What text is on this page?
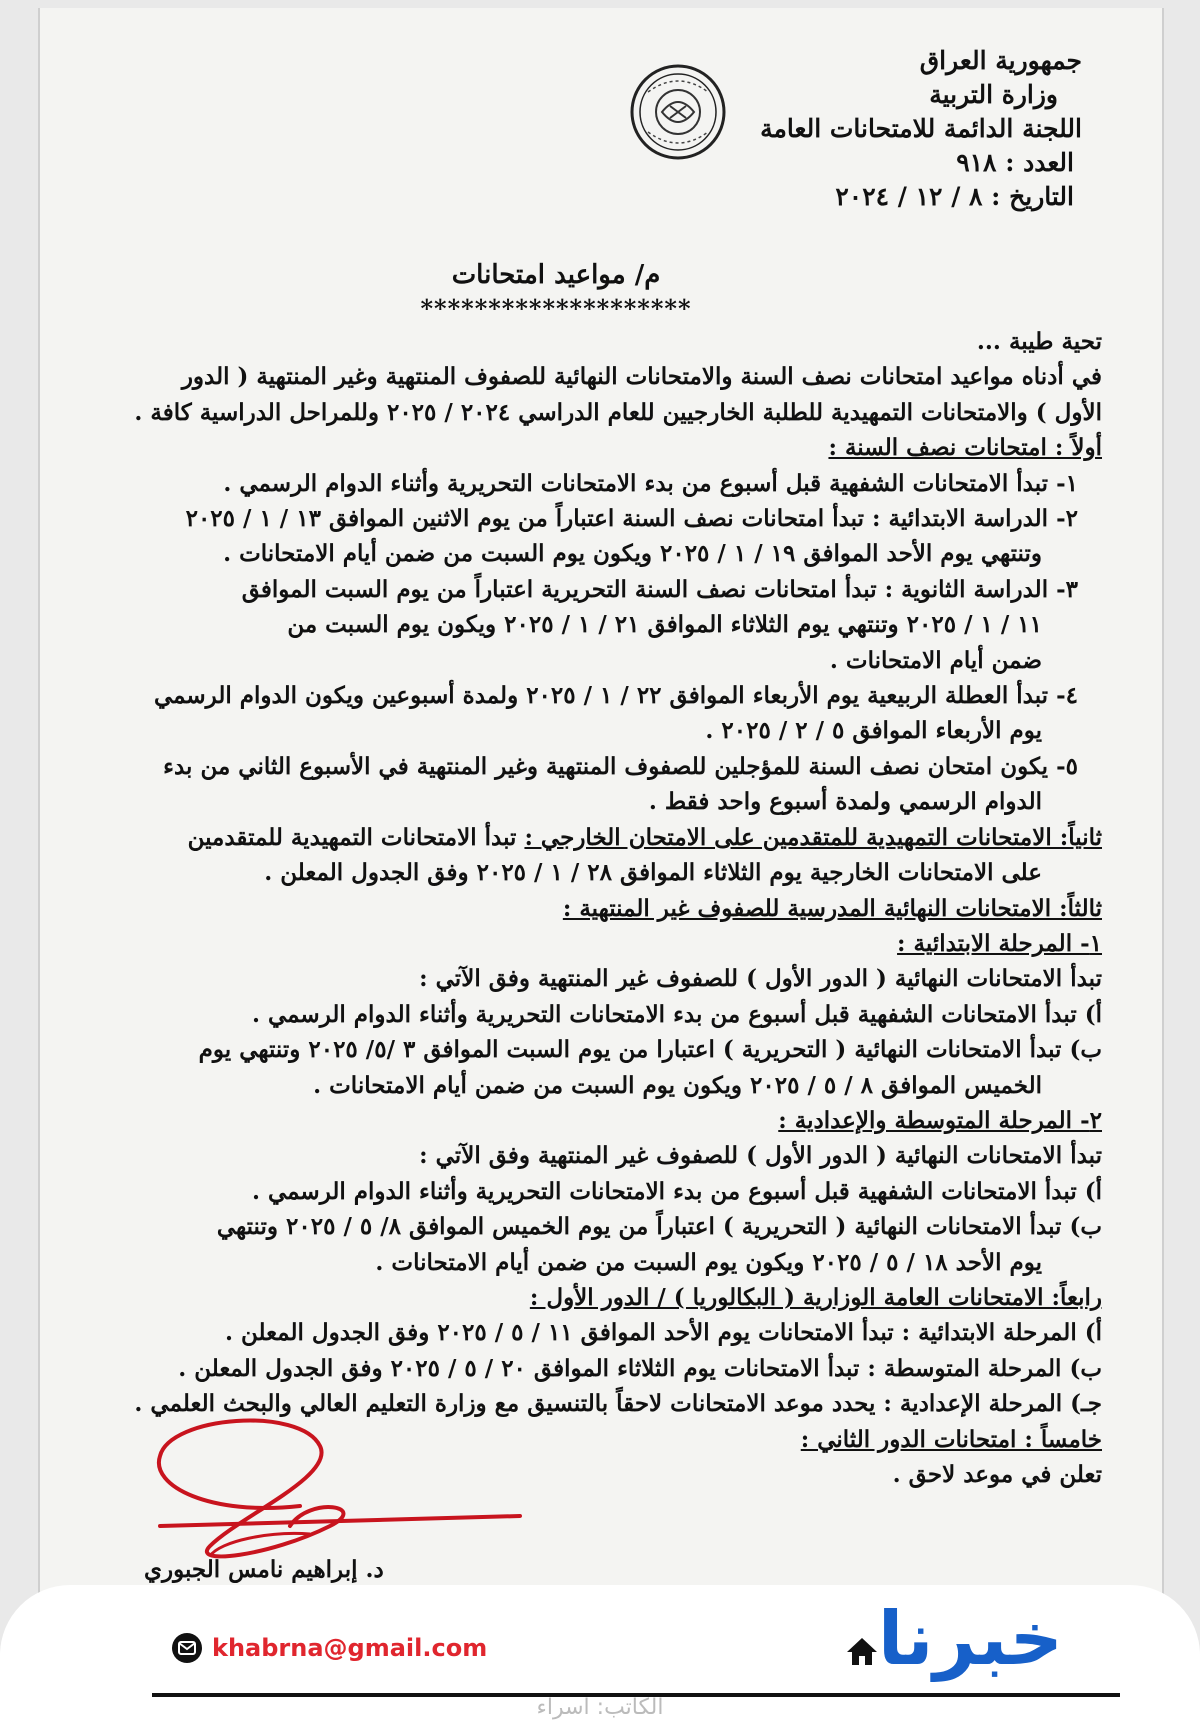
جمهورية العراق
وزارة التربية
اللجنة الدائمة للامتحانات العامة
العدد : ٩١٨
التاريخ : ٨ / ١٢ / ٢٠٢٤
م/ مواعيد امتحانات
********************

تحية طيبة ...

في أدناه مواعيد امتحانات نصف السنة والامتحانات النهائية للصفوف المنتهية وغير المنتهية ( الدور

الأول ) والامتحانات التمهيدية للطلبة الخارجيين للعام الدراسي ٢٠٢٤ / ٢٠٢٥ وللمراحل الدراسية كافة .

أولاً : امتحانات نصف السنة :

١- تبدأ الامتحانات الشفهية قبل أسبوع من بدء الامتحانات التحريرية وأثناء الدوام الرسمي .

٢- الدراسة الابتدائية : تبدأ امتحانات نصف السنة اعتباراً من يوم الاثنين الموافق ١٣ / ١ / ٢٠٢٥

وتنتهي يوم الأحد الموافق ١٩ / ١ / ٢٠٢٥ ويكون يوم السبت من ضمن أيام الامتحانات .

٣- الدراسة الثانوية : تبدأ امتحانات نصف السنة التحريرية اعتباراً من يوم السبت الموافق

١١ / ١ / ٢٠٢٥ وتنتهي يوم الثلاثاء الموافق ٢١ / ١ / ٢٠٢٥ ويكون يوم السبت من

ضمن أيام الامتحانات .

٤- تبدأ العطلة الربيعية يوم الأربعاء الموافق ٢٢ / ١ / ٢٠٢٥ ولمدة أسبوعين ويكون الدوام الرسمي

يوم الأربعاء الموافق ٥ / ٢ / ٢٠٢٥ .

٥- يكون امتحان نصف السنة للمؤجلين للصفوف المنتهية وغير المنتهية في الأسبوع الثاني من بدء

الدوام الرسمي ولمدة أسبوع واحد فقط .

ثانياً: الامتحانات التمهيدية للمتقدمين على الامتحان الخارجي : تبدأ الامتحانات التمهيدية للمتقدمين

على الامتحانات الخارجية يوم الثلاثاء الموافق ٢٨ / ١ / ٢٠٢٥ وفق الجدول المعلن .

ثالثاً: الامتحانات النهائية المدرسية للصفوف غير المنتهية :

١- المرحلة الابتدائية :

تبدأ الامتحانات النهائية ( الدور الأول ) للصفوف غير المنتهية وفق الآتي :

أ) تبدأ الامتحانات الشفهية قبل أسبوع من بدء الامتحانات التحريرية وأثناء الدوام الرسمي .

ب) تبدأ الامتحانات النهائية ( التحريرية ) اعتبارا من يوم السبت الموافق ٣ /٥/ ٢٠٢٥ وتنتهي يوم

الخميس الموافق ٨ / ٥ / ٢٠٢٥ ويكون يوم السبت من ضمن أيام الامتحانات .

٢- المرحلة المتوسطة والإعدادية :

تبدأ الامتحانات النهائية ( الدور الأول ) للصفوف غير المنتهية وفق الآتي :

أ) تبدأ الامتحانات الشفهية قبل أسبوع من بدء الامتحانات التحريرية وأثناء الدوام الرسمي .

ب) تبدأ الامتحانات النهائية ( التحريرية ) اعتباراً من يوم الخميس الموافق ٨/ ٥ / ٢٠٢٥ وتنتهي

يوم الأحد ١٨ / ٥ / ٢٠٢٥ ويكون يوم السبت من ضمن أيام الامتحانات .

رابعاً: الامتحانات العامة الوزارية ( البكالوريا ) / الدور الأول :

أ) المرحلة الابتدائية : تبدأ الامتحانات يوم الأحد الموافق ١١ / ٥ / ٢٠٢٥ وفق الجدول المعلن .

ب) المرحلة المتوسطة : تبدأ الامتحانات يوم الثلاثاء الموافق ٢٠ / ٥ / ٢٠٢٥ وفق الجدول المعلن .

جـ) المرحلة الإعدادية : يحدد موعد الامتحانات لاحقاً بالتنسيق مع وزارة التعليم العالي والبحث العلمي .

خامساً : امتحانات الدور الثاني :

تعلن في موعد لاحق .

د. إبراهيم نامس الجبوري
khabrna@gmail.com	خبرنا
الكاتب: اسراء
